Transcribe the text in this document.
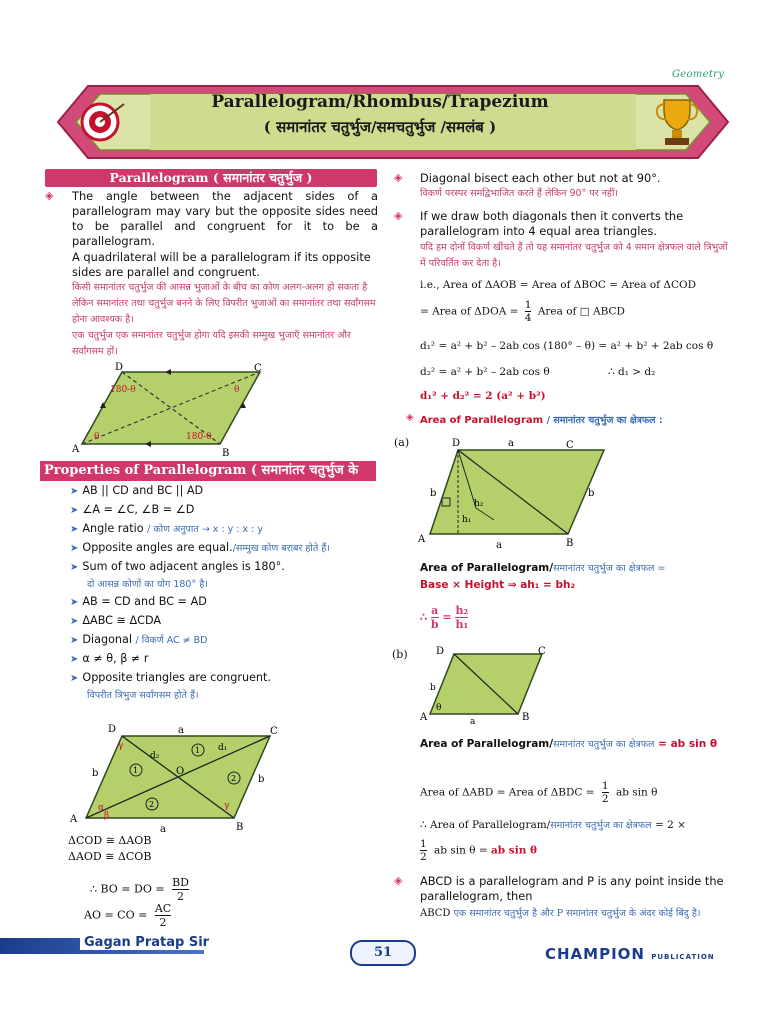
Geometry
Parallelogram/Rhombus/Trapezium
( समानांतर चतुर्भुज/समचतुर्भुज /समलंब )
Parallelogram ( समानांतर चतुर्भुज )
◈ The angle between the adjacent sides of a parallelogram may vary but the opposite sides need to be parallel and congruent for it to be a parallelogram.
A quadrilateral will be a parallelogram if its opposite sides are parallel and congruent.
किसी समानांतर चतुर्भुज की आसन्न भुजाओं के बीच का कोण अलग-अलग हो सकता है लेकिन समानांतर तथा चतुर्भुज बनने के लिए विपरीत भुजाओं का समानांतर तथा सर्वांगसम होना आवश्यक है।
एक चतुर्भुज एक समानांतर चतुर्भुज होगा यदि इसकी सम्मुख भुजाएँ समानांतर और सर्वांगसम हों।
D	C
A	B
180-θ	θ
θ	180-θ
Properties of Parallelogram ( समानांतर चतुर्भुज के गुण )
➤ AB || CD and BC || AD
➤ ∠A = ∠C, ∠B = ∠D
➤ Angle ratio / कोण अनुपात → x : y : x : y
➤ Opposite angles are equal./सम्मुख कोण बराबर होते हैं।
➤ Sum of two adjacent angles is 180°.
दो आसन्न कोणों का योग 180° है।
➤ AB = CD and BC = AD
➤ ΔABC ≅ ΔCDA
➤ Diagonal / विकर्ण AC ≠ BD
➤ α ≠ θ, β ≠ r
➤ Opposite triangles are congruent.
विपरीत त्रिभुज सर्वांगसम होते हैं।
D	C
A
B
O
a
a
b
b
d₂
d₁
1
1
2
2
α
β
γ
γ
ΔCOD ≅ ΔAOB
ΔAOD ≅ ΔCOB
∴ BO = DO = $\frac{BD}{2}$
AO = CO = $\frac{AC}{2}$
◈ Diagonal bisect each other but not at 90°.
विकर्ण परस्पर समद्विभाजित करते हैं लेकिन 90° पर नहीं।
◈ If we draw both diagonals then it converts the parallelogram into 4 equal area triangles.
यदि हम दोनों विकर्ण खींचते हैं तो यह समानांतर चतुर्भुज को 4 समान क्षेत्रफल वाले त्रिभुजों में परिवर्तित कर देता है।
i.e., Area of ΔAOB = Area of ΔBOC = Area of ΔCOD
= Area of $\Delta DOA = \frac{1}{4}$ Area of □ ABCD
d₁² = a² + b² – 2ab cos (180° – θ) = a² + b² + 2ab cos θ
d₂² = a² + b² – 2ab cos θ	∴ d₁ > d₂
d₁² + d₂² = 2 (a² + b²)
◈ Area of Parallelogram / समानांतर चतुर्भुज का क्षेत्रफल :
(a)	D	C
A	B
a
a
b	b
h₂
h₁
Area of Parallelogram/समानांतर चतुर्भुज का क्षेत्रफल =
Base × Height ⇒ ah₁ = bh₂
∴ $\frac{a}{b} = \frac{\text{h₂}}{\text{h₁}}$
(b)	D	C
A	B
a
b
θ
Area of Parallelogram/समानांतर चतुर्भुज का क्षेत्रफल = ab sin θ
Area of ΔABD = Area of $\Delta BDC = \frac{1}{2}$ ab sin θ
∴ Area of Parallelogram/समानांतर चतुर्भुज का क्षेत्रफल = 2 ×
$\frac{1}{2}$ ab sin θ = ab sin θ
◈ ABCD is a parallelogram and P is any point inside the parallelogram, then
ABCD एक समानांतर चतुर्भुज है और P समानांतर चतुर्भुज के अंदर कोई बिंदु है।
Gagan Pratap Sir
51	CHAMPION PUBLICATION
